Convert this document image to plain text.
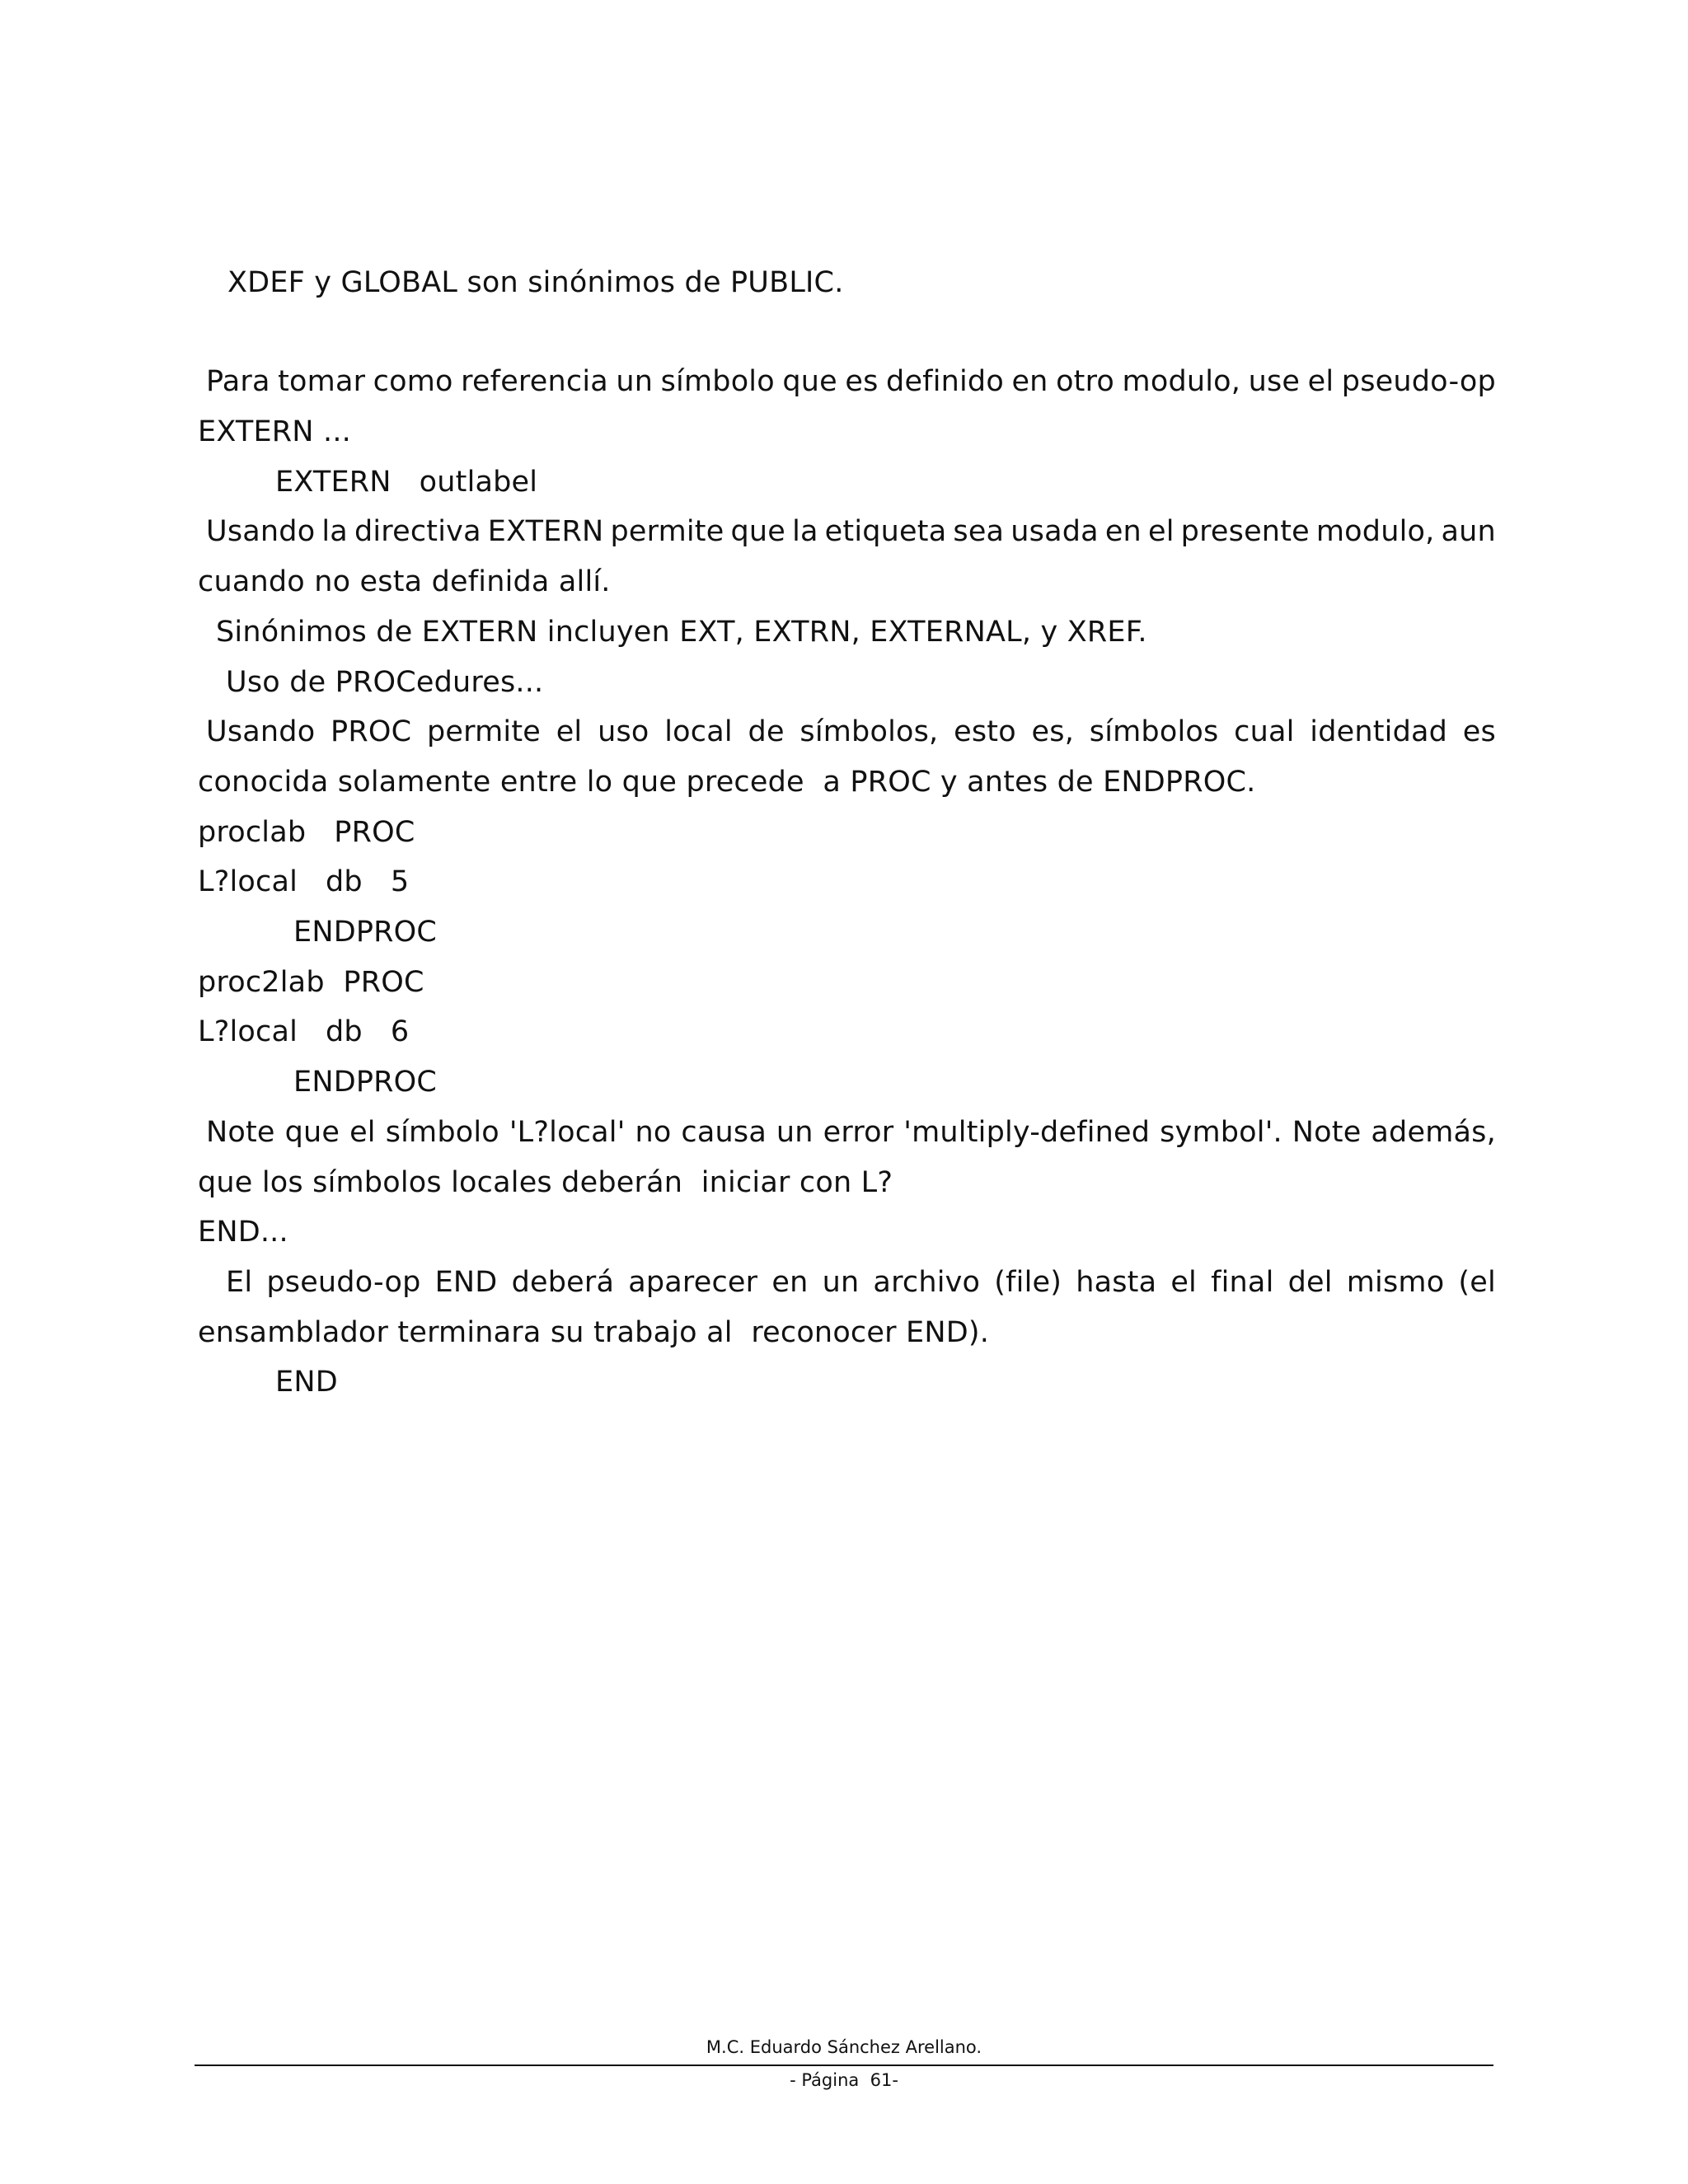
XDEF y GLOBAL son sinónimos de PUBLIC.
Para tomar como referencia un símbolo que es definido en otro modulo, use el pseudo-op
EXTERN ...
EXTERN   outlabel
Usando la directiva EXTERN permite que la etiqueta sea usada en el presente modulo, aun
cuando no esta definida allí.
Sinónimos de EXTERN incluyen EXT, EXTRN, EXTERNAL, y XREF.
Uso de PROCedures...
Usando PROC permite el uso local de símbolos, esto es, símbolos cual identidad es
conocida solamente entre lo que precede  a PROC y antes de ENDPROC.
proclab   PROC
L?local   db   5
ENDPROC
proc2lab  PROC
L?local   db   6
ENDPROC
Note que el símbolo 'L?local' no causa un error 'multiply-defined symbol'. Note además,
que los símbolos locales deberán  iniciar con L?
END...
El pseudo-op END deberá aparecer en un archivo (file) hasta el final del mismo (el
ensamblador terminara su trabajo al  reconocer END).
END
M.C. Eduardo Sánchez Arellano.
- Página  61-
